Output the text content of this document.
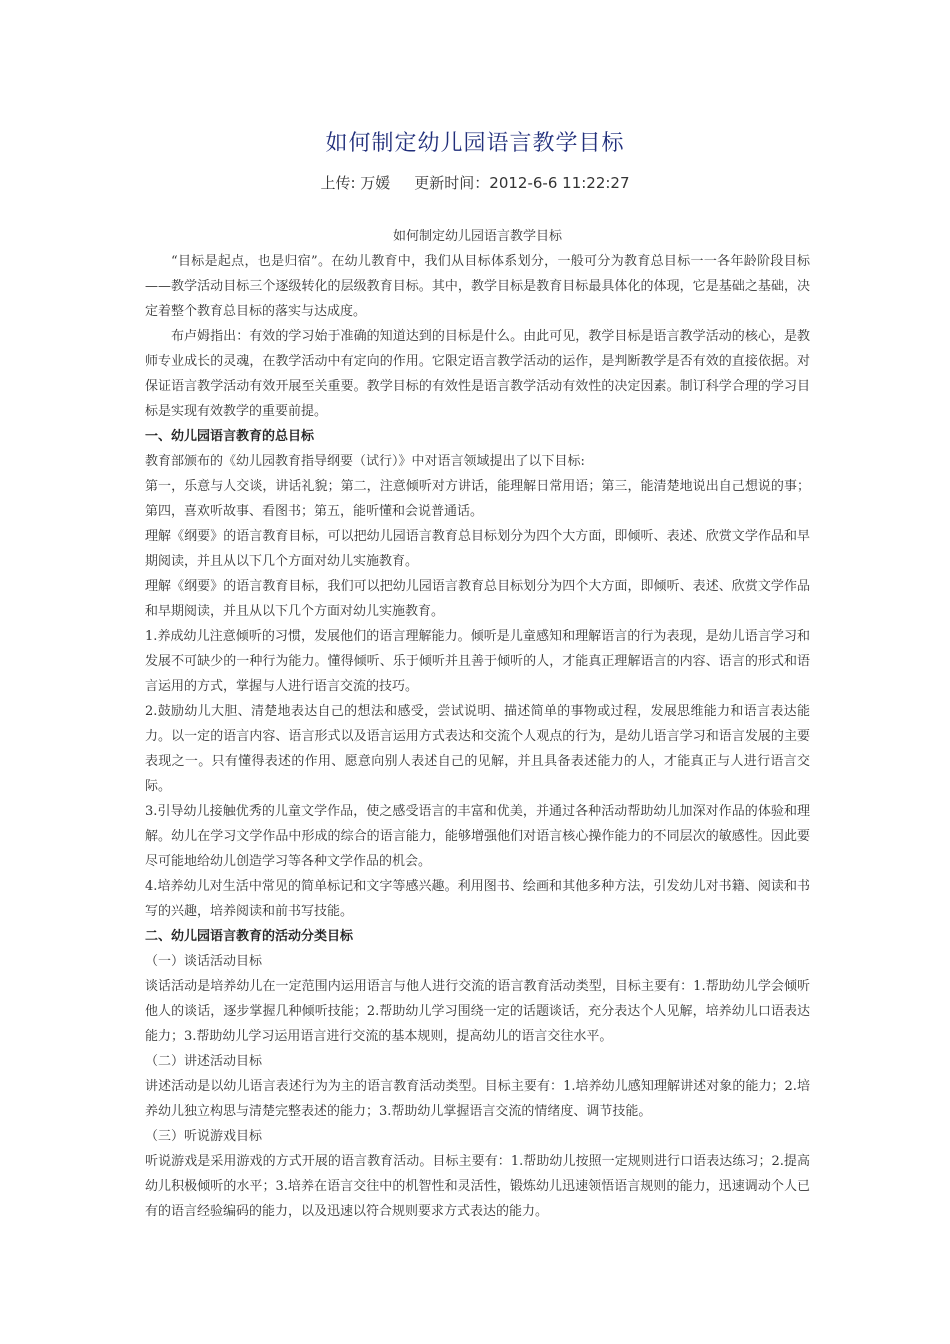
如何制定幼儿园语言教学目标
上传: 万媛 更新时间：2012-6-6 11:22:27

如何制定幼儿园语言教学目标

“目标是起点，也是归宿”。在幼儿教育中，我们从目标体系划分，一般可分为教育总目标一一各年龄阶段目标——教学活动目标三个逐级转化的层级教育目标。其中，教学目标是教育目标最具体化的体现，它是基础之基础，决定着整个教育总目标的落实与达成度。

布卢姆指出：有效的学习始于准确的知道达到的目标是什么。由此可见，教学目标是语言教学活动的核心，是教师专业成长的灵魂，在教学活动中有定向的作用。它限定语言教学活动的运作，是判断教学是否有效的直接依据。对保证语言教学活动有效开展至关重要。教学目标的有效性是语言教学活动有效性的决定因素。制订科学合理的学习目标是实现有效教学的重要前提。

一、幼儿园语言教育的总目标

教育部颁布的《幼儿园教育指导纲要（试行）》中对语言领域提出了以下目标:

第一，乐意与人交谈，讲话礼貌；第二，注意倾听对方讲话，能理解日常用语；第三，能清楚地说出自己想说的事；第四，喜欢听故事、看图书；第五，能听懂和会说普通话。

理解《纲要》的语言教育目标，可以把幼儿园语言教育总目标划分为四个大方面，即倾听、表述、欣赏文学作品和早期阅读，并且从以下几个方面对幼儿实施教育。

理解《纲要》的语言教育目标，我们可以把幼儿园语言教育总目标划分为四个大方面，即倾听、表述、欣赏文学作品和早期阅读，并且从以下几个方面对幼儿实施教育。

1.养成幼儿注意倾听的习惯，发展他们的语言理解能力。倾听是儿童感知和理解语言的行为表现，是幼儿语言学习和发展不可缺少的一种行为能力。懂得倾听、乐于倾听并且善于倾听的人，才能真正理解语言的内容、语言的形式和语言运用的方式，掌握与人进行语言交流的技巧。

2.鼓励幼儿大胆、清楚地表达自己的想法和感受，尝试说明、描述简单的事物或过程，发展思维能力和语言表达能力。以一定的语言内容、语言形式以及语言运用方式表达和交流个人观点的行为，是幼儿语言学习和语言发展的主要表现之一。只有懂得表述的作用、愿意向别人表述自己的见解，并且具备表述能力的人，才能真正与人进行语言交际。

3.引导幼儿接触优秀的儿童文学作品，使之感受语言的丰富和优美，并通过各种活动帮助幼儿加深对作品的体验和理解。幼儿在学习文学作品中形成的综合的语言能力，能够增强他们对语言核心操作能力的不同层次的敏感性。因此要尽可能地给幼儿创造学习等各种文学作品的机会。

4.培养幼儿对生活中常见的简单标记和文字等感兴趣。利用图书、绘画和其他多种方法，引发幼儿对书籍、阅读和书写的兴趣，培养阅读和前书写技能。

二、幼儿园语言教育的活动分类目标

（一）谈话活动目标

谈话活动是培养幼儿在一定范围内运用语言与他人进行交流的语言教育活动类型，目标主要有：1.帮助幼儿学会倾听他人的谈话，逐步掌握几种倾听技能；2.帮助幼儿学习围绕一定的话题谈话，充分表达个人见解，培养幼儿口语表达能力；3.帮助幼儿学习运用语言进行交流的基本规则，提高幼儿的语言交往水平。

（二）讲述活动目标

讲述活动是以幼儿语言表述行为为主的语言教育活动类型。目标主要有：1.培养幼儿感知理解讲述对象的能力；2.培养幼儿独立构思与清楚完整表述的能力；3.帮助幼儿掌握语言交流的情绪度、调节技能。

（三）听说游戏目标

听说游戏是采用游戏的方式开展的语言教育活动。目标主要有：1.帮助幼儿按照一定规则进行口语表达练习；2.提高幼儿积极倾听的水平；3.培养在语言交往中的机智性和灵活性，锻炼幼儿迅速领悟语言规则的能力，迅速调动个人已有的语言经验编码的能力，以及迅速以符合规则要求方式表达的能力。
